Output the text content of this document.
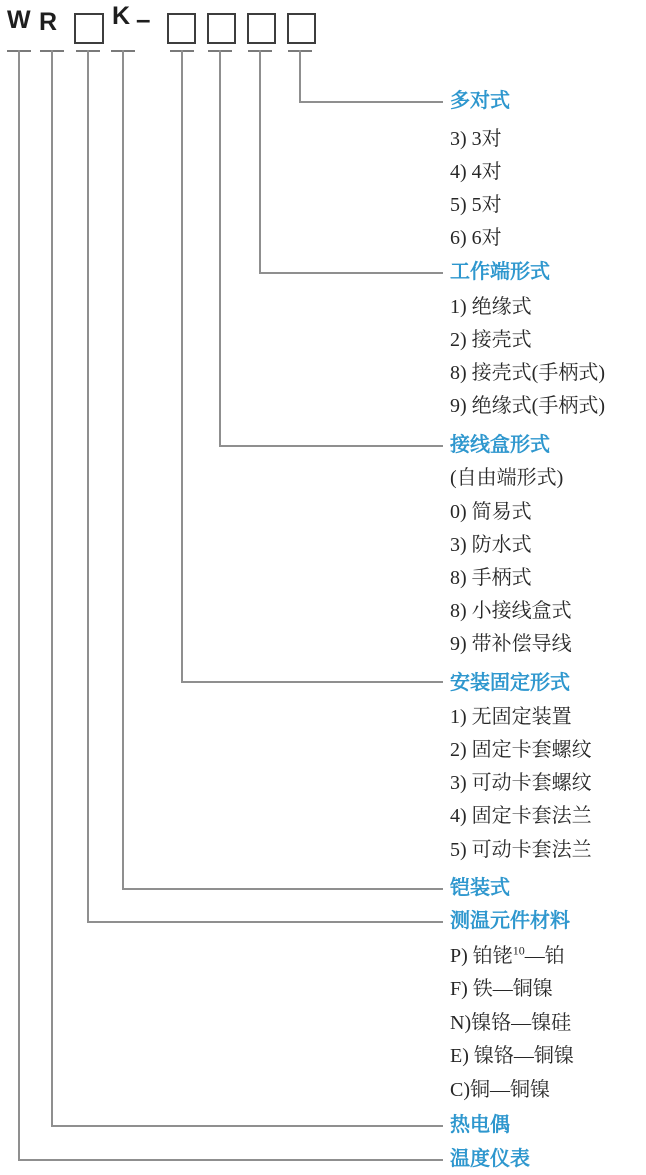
W R K –
多对式
3) 3对
4) 4对
5) 5对
6) 6对
工作端形式
1) 绝缘式
2) 接壳式
8) 接壳式(手柄式)
9) 绝缘式(手柄式)
接线盒形式
(自由端形式)
0) 简易式
3) 防水式
8) 手柄式
8) 小接线盒式
9) 带补偿导线
安装固定形式
1) 无固定装置
2) 固定卡套螺纹
3) 可动卡套螺纹
4) 固定卡套法兰
5) 可动卡套法兰
铠装式
测温元件材料
P) 铂铑$^{10}$—铂
F) 铁—铜镍
N)镍铬—镍硅
E) 镍铬—铜镍
C)铜—铜镍
热电偶
温度仪表
